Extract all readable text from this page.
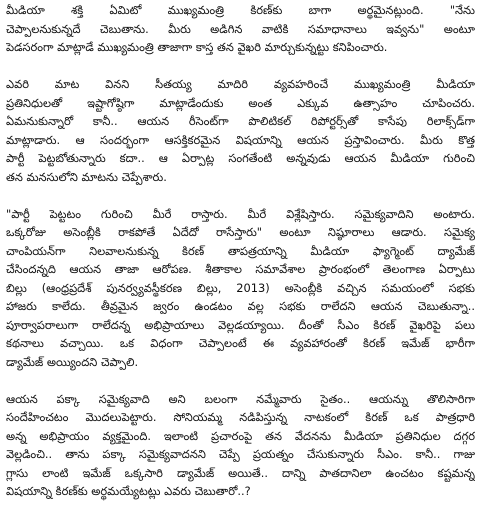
మీడియా శక్తి ఏమిటో ముఖ్యమంత్రి కిరణ్‌కు బాగా అర్థమైనట్లుంది. "నేను
చెప్పాలనుకున్నదే చెబుతాను. మీరు అడిగిన వాటికి సమాధానాలు ఇవ్వను" అంటూ
పెడసరంగా మాట్లాడే ముఖ్యమంత్రి తాజాగా కాస్త తన వైఖరి మార్చుకున్నట్టు కనిపించారు.
ఎవరి మాట వినని సీతయ్య మాదిరి వ్యవహరించే ముఖ్యమంత్రి మీడియా
ప్రతినిధులతో ఇష్టాగోష్ఠిగా మాట్లాడేందుకు అంత ఎక్కువ ఉత్సాహం చూపించరు.
ఏమనుకున్నారో కానీ.. ఆయన రీసెంట్‌గా పొలిటికల్ రిపోర్టర్స్‌తో కాసేపు రిలాక్స్‌డ్‌గా
మాట్లాడారు. ఆ సందర్భంగా ఆసక్తికరమైన విషయాన్ని ఆయన ప్రస్తావించారు. మీరు కొత్త
పార్టీ పెట్టబోతున్నారు కదా.. ఆ ఏర్పాట్ల సంగతేంటి అన్నవుడు ఆయన మీడియా గురించి
తన మనసులోని మాటను చెప్పేశారు.
"పార్టీ పెట్టటం గురించి మీరే రాస్తారు. మీరే విశ్లేషిస్తారు. సమైక్యవాదిని అంటారు.
ఒక్కరోజు అసెంబ్లీకి రాకపోతే ఏదేదో రాసేస్తారు" అంటూ నిష్ఠూరాలు ఆడారు. సమైక్య
చాంపియన్‌గా నిలవాలనుకున్న కిరణ్ తాపత్రయాన్ని మీడియా ఫ్యాగ్మెంట్ ద్యామేజ్
చేసిందన్నది ఆయన తాజా ఆరోపణ. శీతాకాల సమావేశాల ప్రారంభంలో తెలంగాణ ఏర్పాటు
బిల్లు (ఆంధ్రప్రదేశ్ పునర్వ్యవస్థీకరణ బిల్లు, 2013) అసెంబ్లీకి వచ్చిన సమయంలో సభకు
హాజరు కాలేదు. తీవ్రమైన జ్వరం ఉండటం వల్ల సభకు రాలేదని ఆయన చెబుతున్నా..
పూర్వాపరాలుగా రాలేదన్న అభిప్రాయాలు వెల్లడయ్యాయి. దీంతో సీఎం కిరణ్ వైఖరిపై పలు
కథనాలు వచ్చాయి. ఒక విధంగా చెప్పాలంటే ఈ వ్యవహారంతో కిరణ్ ఇమేజ్ భారీగా
డ్యామేజ్ అయ్యిందని చెప్పాలి.
ఆయన పక్కా సమైక్యవాది అని బలంగా నమ్మేవారు సైతం.. ఆయన్ను తొలిసారిగా
సందేహించటం మొదలుపెట్టారు. సోనియమ్మ నడిపిస్తున్న నాటకంలో కిరణ్ ఒక పాత్రధారి
అన్న అభిప్రాయం వ్యక్తమైంది. ఇలాంటి ప్రచారంపై తన వేదనను మీడియా ప్రతినిధుల దగ్గర
వెల్లడించి.. తాను పక్కా సమైక్యవాదనని చెప్పే ప్రయత్నం చేసుకున్నారు సీఎం. కానీ.. గాజు
గ్లాసు లాంటి ఇమేజ్ ఒక్కసారి డ్యామేజ్ అయితే.. దాన్ని పాతదానిలా ఉంచటం కష్టమన్న
విషయాన్ని కిరణ్‌కు అర్థమయ్యేటట్లు ఎవరు చెబుతారో..?
